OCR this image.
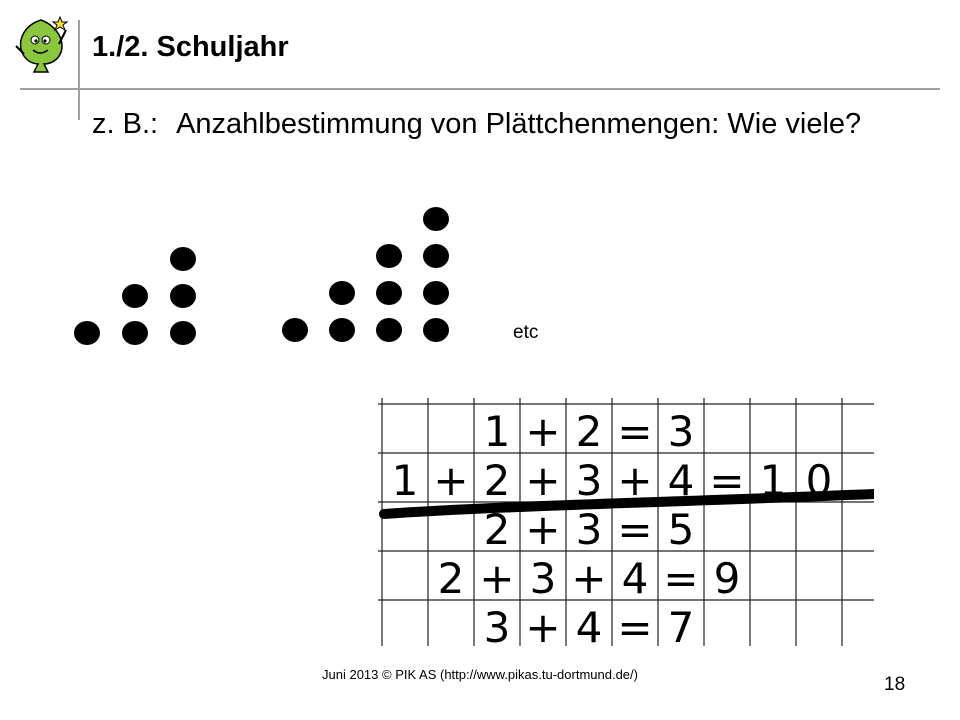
1./2. Schuljahr
z. B.: Anzahlbestimmung von Plättchenmengen: Wie viele?
etc
1 + 2 = 3
1 + 2 + 3 + 4 = 1 0
2 + 3 = 5
2 + 3 + 4 = 9
3 + 4 = 7
Juni 2013 © PIK AS (http://www.pikas.tu-dortmund.de/)	18
